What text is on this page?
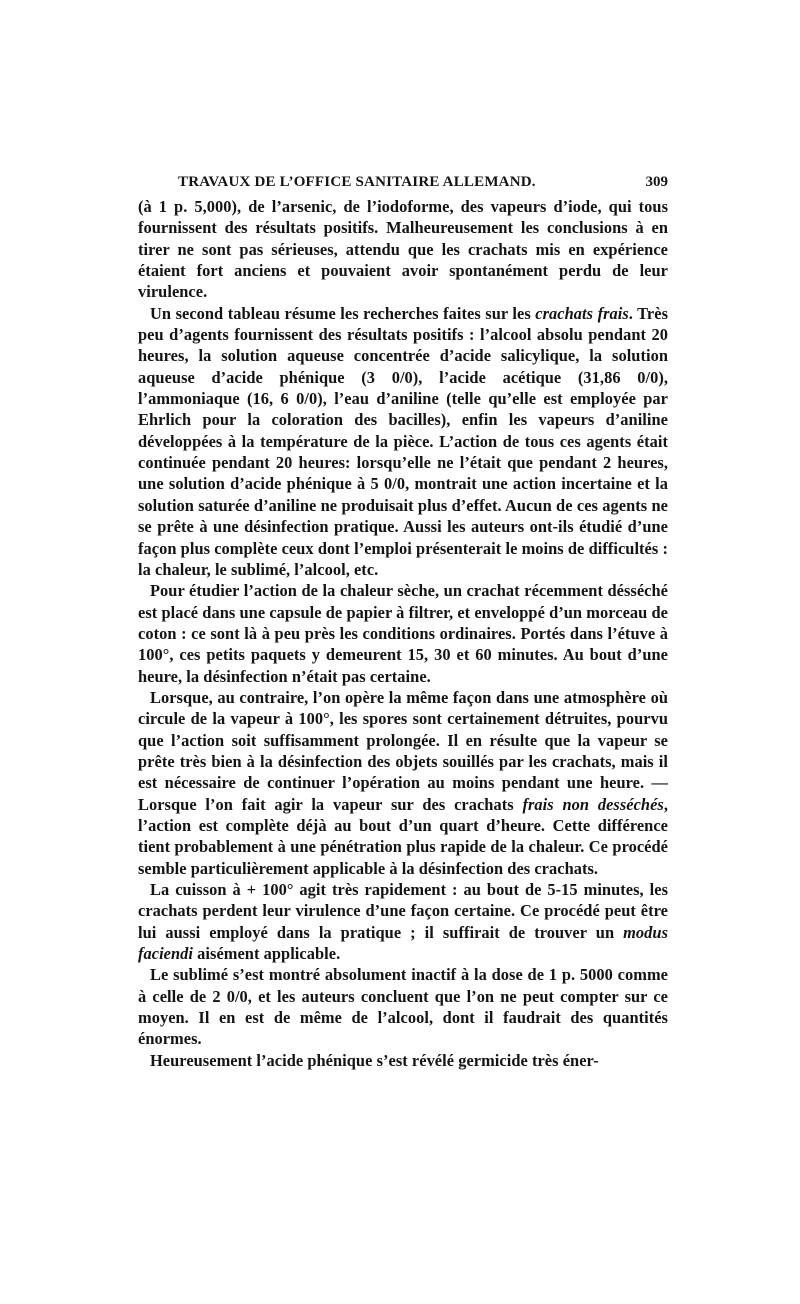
TRAVAUX DE L’OFFICE SANITAIRE ALLEMAND.	309

(à 1 p. 5,000), de l’arsenic, de l’iodoforme, des vapeurs d’iode, qui tous fournissent des résultats positifs. Malheureusement les conclusions à en tirer ne sont pas sérieuses, attendu que les crachats mis en expérience étaient fort anciens et pouvaient avoir spontanément perdu de leur virulence.

Un second tableau résume les recherches faites sur les crachats frais. Très peu d’agents fournissent des résultats positifs : l’alcool absolu pendant 20 heures, la solution aqueuse concentrée d’acide salicylique, la solution aqueuse d’acide phénique (3 0/0), l’acide acétique (31,86 0/0), l’ammoniaque (16, 6 0/0), l’eau d’aniline (telle qu’elle est employée par Ehrlich pour la coloration des bacilles), enfin les vapeurs d’aniline développées à la température de la pièce. L’action de tous ces agents était continuée pendant 20 heures: lorsqu’elle ne l’était que pendant 2 heures, une solution d’acide phénique à 5 0/0, montrait une action incertaine et la solution saturée d’aniline ne produisait plus d’effet. Aucun de ces agents ne se prête à une désinfection pratique. Aussi les auteurs ont-ils étudié d’une façon plus complète ceux dont l’emploi présenterait le moins de difficultés : la chaleur, le sublimé, l’alcool, etc.

Pour étudier l’action de la chaleur sèche, un crachat récemment désséché est placé dans une capsule de papier à filtrer, et enveloppé d’un morceau de coton : ce sont là à peu près les conditions ordinaires. Portés dans l’étuve à 100°, ces petits paquets y demeurent 15, 30 et 60 minutes. Au bout d’une heure, la désinfection n’était pas certaine.

Lorsque, au contraire, l’on opère la même façon dans une atmosphère où circule de la vapeur à 100°, les spores sont certainement détruites, pourvu que l’action soit suffisamment prolongée. Il en résulte que la vapeur se prête très bien à la désinfection des objets souillés par les crachats, mais il est nécessaire de continuer l’opération au moins pendant une heure. — Lorsque l’on fait agir la vapeur sur des crachats frais non desséchés, l’action est complète déjà au bout d’un quart d’heure. Cette différence tient probablement à une pénétration plus rapide de la chaleur. Ce procédé semble particulièrement applicable à la désinfection des crachats.

La cuisson à + 100° agit très rapidement : au bout de 5-15 minutes, les crachats perdent leur virulence d’une façon certaine. Ce procédé peut être lui aussi employé dans la pratique ; il suffirait de trouver un modus faciendi aisément applicable.

Le sublimé s’est montré absolument inactif à la dose de 1 p. 5000 comme à celle de 2 0/0, et les auteurs concluent que l’on ne peut compter sur ce moyen. Il en est de même de l’alcool, dont il faudrait des quantités énormes.

Heureusement l’acide phénique s’est révélé germicide très éner-
